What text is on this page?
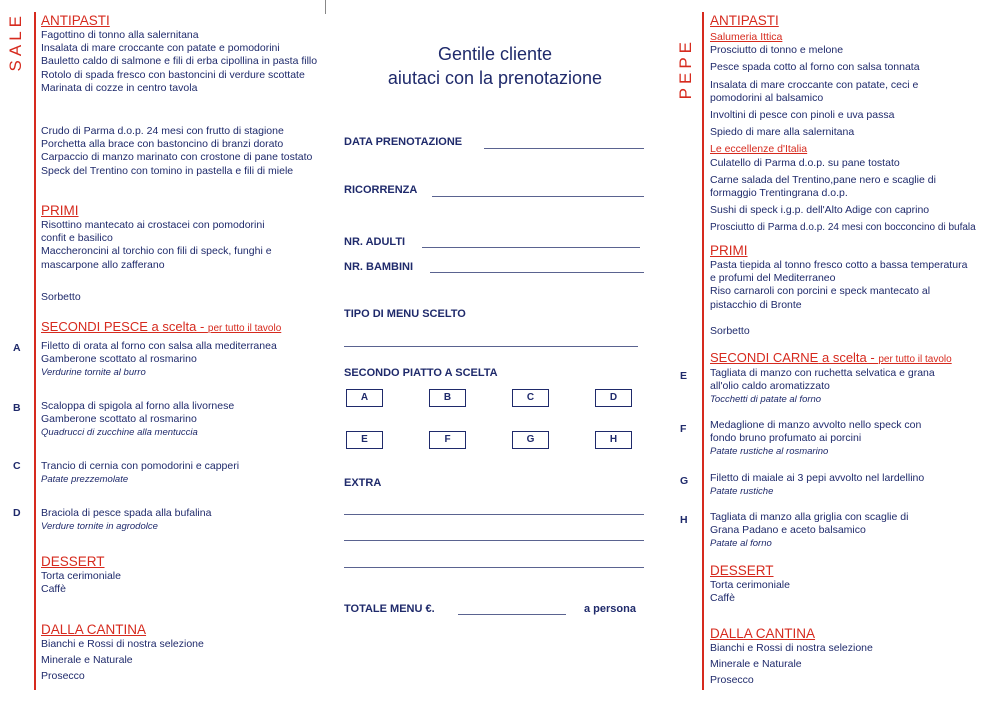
SALE ANTIPASTI
Fagottino di tonno alla salernitana
Insalata di mare croccante con patate e pomodorini
Bauletto caldo di salmone e fili di erba cipollina in pasta fillo
Rotolo di spada fresco con bastoncini di verdure scottate
Marinata di cozze in centro tavola
Crudo di Parma d.o.p. 24 mesi con frutto di stagione
Porchetta alla brace con bastoncino di branzi dorato
Carpaccio di manzo marinato con crostone di pane tostato
Speck del Trentino con tomino in pastella e fili di miele
PRIMI
Risottino mantecato ai crostacei con pomodorini
confit e basilico
Maccheroncini al torchio con fili di speck, funghi e
mascarpone allo zafferano
Sorbetto
SECONDI PESCE a scelta - per tutto il tavolo
A Filetto di orata al forno con salsa alla mediterranea
Gamberone scottato al rosmarino
Verdurine tornite al burro
B Scaloppa di spigola al forno alla livornese
Gamberone scottato al rosmarino
Quadrucci di zucchine alla mentuccia
C Trancio di cernia con pomodorini e capperi
Patate prezzemolate
D Braciola di pesce spada alla bufalina
Verdure tornite in agrodolce
DESSERT
Torta cerimoniale
Caffè
DALLA CANTINA
Bianchi e Rossi di nostra selezione
Minerale e Naturale
Prosecco
Gentile cliente
aiutaci con la prenotazione
DATA PRENOTAZIONE
RICORRENZA
NR. ADULTI
NR. BAMBINI
TIPO DI MENU SCELTO
SECONDO PIATTO A SCELTA
A	B	C	D
E	F	G	H
EXTRA
TOTALE MENU €.	a persona
PEPE
ANTIPASTI
Salumeria Ittica
Prosciutto di tonno e melone
Pesce spada cotto al forno con salsa tonnata
Insalata di mare croccante con patate, ceci e
pomodorini al balsamico
Involtini di pesce con pinoli e uva passa
Spiedo di mare alla salernitana
Le eccellenze d'Italia
Culatello di Parma d.o.p. su pane tostato
Carne salada del Trentino,pane nero e scaglie di
formaggio Trentingrana d.o.p.
Sushi di speck i.g.p. dell'Alto Adige con caprino
Prosciutto di Parma d.o.p. 24 mesi con bocconcino di bufala
PRIMI
Pasta tiepida al tonno fresco cotto a bassa temperatura
e profumi del Mediterraneo
Riso carnaroli con porcini e speck mantecato al
pistacchio di Bronte
Sorbetto
SECONDI CARNE a scelta - per tutto il tavolo
E Tagliata di manzo con ruchetta selvatica e grana
all'olio caldo aromatizzato
Tocchetti di patate al forno
F Medaglione di manzo avvolto nello speck con
fondo bruno profumato ai porcini
Patate rustiche al rosmarino
G Filetto di maiale ai 3 pepi avvolto nel lardellino
Patate rustiche
H Tagliata di manzo alla griglia con scaglie di
Grana Padano e aceto balsamico
Patate al forno
DESSERT
Torta cerimoniale
Caffè
DALLA CANTINA
Bianchi e Rossi di nostra selezione
Minerale e Naturale
Prosecco
